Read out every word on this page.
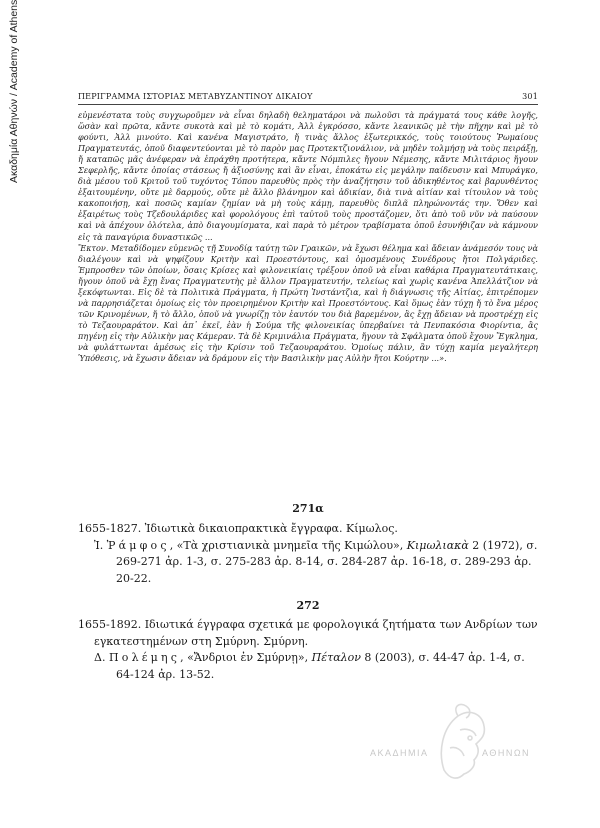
Ακαδημία Αθηνών / Academy of Athens	ΠΕΡΙΓΡΑΜΜΑ ΙΣΤΟΡΙΑΣ ΜΕΤΑΒΥΖΑΝΤΙΝΟΥ ΔΙΚΑΙΟΥ	301

εὐμενέστατα τοὺς συγχωροῦμεν νὰ εἶναι δηλαδὴ θεληματάροι νὰ πωλοῦσι τὰ πράγματά τους κάθε λογῆς, ὥσὰν καὶ πρῶτα, κἄντε συκοτὰ καὶ μὲ τὸ κομάτι, Ἀλλ ἐγκρόσσο, κἄντε λεανικῶς μὲ τὴν πῆχην καὶ μὲ τὸ φούντι, Ἀλλ μινούτο. Καὶ κανένα Μαγιστράτο, ἤ τινὰς ἄλλος ἐξωτερικκός, τοὺς τοιούτους Ῥωμαίους Πραγματευτάς, ὁποῦ διαφεντεύονται μὲ τὸ παρὸν μας Προτεκτζιονάλιον, νὰ μηδὲν τολμήσῃ νὰ τοὺς πειράξῃ, ἤ καταπῶς μᾶς ἀνέφεραν νὰ ἐπράχθη προτήτερα, κἄντε Νόμπιλες ἤγουν Νέμεσης, κἄντε Μιλιτάριος ἤγουν Σεφερλῆς, κἄντε ὁποίας στάσεως ἤ ἀξιοσύνης καὶ ἂν εἶναι, ἐποκάτω εἰς μεγάλην παίδευσιν καὶ Μπυράγκο, διὰ μέσου τοῦ Κριτοῦ τοῦ τυχόντος Τόπου παρευθὺς πρὸς τὴν ἀναζήτησιν τοῦ ἀδικηθέντος καὶ βαρυνθέντος ἐξαιτουμένην, οὔτε μὲ δαρμούς, οὔτε μὲ ἄλλο βλάνημον καὶ ἀδικίαν, διὰ τινὰ αἰτίαν καὶ τίτουλον νὰ τοὺς κακοποιήσῃ, καὶ ποσῶς καμίαν ζημίαν νὰ μὴ τοὺς κάμῃ, παρευθὺς διπλᾶ πληρώνοντάς την. Ὅθεν καὶ ἐξαιρέτως τοὺς Τζεδουλάριδες καὶ φορολόγους ἐπὶ ταὐτοῦ τοὺς προστάζομεν, ὅτι ἀπὸ τοῦ νῦν νὰ παύσουν καὶ νὰ ἀπέχουν ὁλότελα, ἀπὸ διαγουμίσματα, καὶ παρὰ τὸ μέτρον τραβίσματα ὁποῦ ἐσυνήθιζαν νὰ κάμνουν εἰς τὰ παναγύρια δυναστικῶς ...

Ἔκτον. Μεταδίδομεν εὐμενῶς τῇ Συνοδίᾳ ταύτῃ τῶν Γραικῶν, νὰ ἔχωσι θέλημα καὶ ἄδειαν ἀνάμεσόν τους νὰ διαλέγουν καὶ νὰ ψηφίζουν Κριτὴν καὶ Προεστόντους, καὶ ὁμοσμένους Συνέδρους ἤτοι Πολγάριδες. Ἐμπροσθεν τῶν ὁποίων, ὅσαις Κρίσες καὶ φιλονεικίαις τρέξουν ὁποῦ νὰ εἶναι καθάρια Πραγματευτάτικαις, ἤγουν ὁποῦ νὰ ἔχῃ ἕνας Πραγματευτὴς μὲ ἄλλον Πραγματευτήν, τελείως καὶ χωρὶς κανένα Ἀπελλάτζιον νὰ ξεκόφτωνται. Εἰς δὲ τὰ Πολιτικὰ Πράγματα, ἡ Πρώτη Ἰνστάντζια, καὶ ἡ διάγνωσις τῆς Αἰτίας, ἐπιτρέπομεν νὰ παρρησιάζεται ὁμοίως εἰς τὸν προειρημένον Κριτὴν καὶ Προεστόντους. Καὶ ὅμως ἐὰν τύχῃ ἤ τὸ ἕνα μέρος τῶν Κρινομένων, ἤ τὸ ἄλλο, ὁποῦ νὰ γνωρίζῃ τὸν ἑαυτόν του διὰ βαρεμένον, ἂς ἔχῃ ἄδειαν νὰ προστρέχῃ εἰς τὸ Τεζαουραράτον. Καὶ ἀπ᾽ ἐκεῖ, ἐὰν ἡ Σούμα τῆς φιλονεικίας ὑπερβαίνει τὰ Πενπακόσια Φιορίντια, ἂς πηγένῃ εἰς τὴν Αὐλικὴν μας Κάμεραν. Τὰ δὲ Κριμινάλια Πράγματα, ἤγουν τὰ Σφάλματα ὁποῦ ἔχουν Ἔγκλημα, νὰ φυλάττωνται ἀμέσως εἰς τὴν Κρίσιν τοῦ Τεζαουραράτου. Ὁμοίως πάλιν, ἂν τύχῃ καμία μεγαλήτερη Ὑπόθεσις, νὰ ἔχωσιν ἄδειαν νὰ δράμουν εἰς τὴν Βασιλικὴν μας Αὐλὴν ἤτοι Κούρτην ...».

271α
1655-1827. Ἰδιωτικὰ δικαιοπρακτικὰ ἔγγραφα. Κίμωλος.
Ἰ. Ῥάμφος, «Τὰ χριστιανικὰ μνημεῖα τῆς Κιμώλου», Κιμωλιακὰ 2 (1972), σ. 269-271 ἀρ. 1-3, σ. 275-283 ἀρ. 8-14, σ. 284-287 ἀρ. 16-18, σ. 289-293 ἀρ. 20-22.
272
1655-1892. Ιδιωτικά έγγραφα σχετικά με φορολογικά ζητήματα των Ανδρίων των εγκατεστημένων στη Σμύρνη. Σμύρνη.
Δ. Πολέμης, «Ἄνδριοι ἐν Σμύρνῃ», Πέταλον 8 (2003), σ. 44-47 ἀρ. 1-4, σ. 64-124 ἀρ. 13-52.
ΑΚΑΔΗΜΙΑ	ΑΘΗΝΩΝ
